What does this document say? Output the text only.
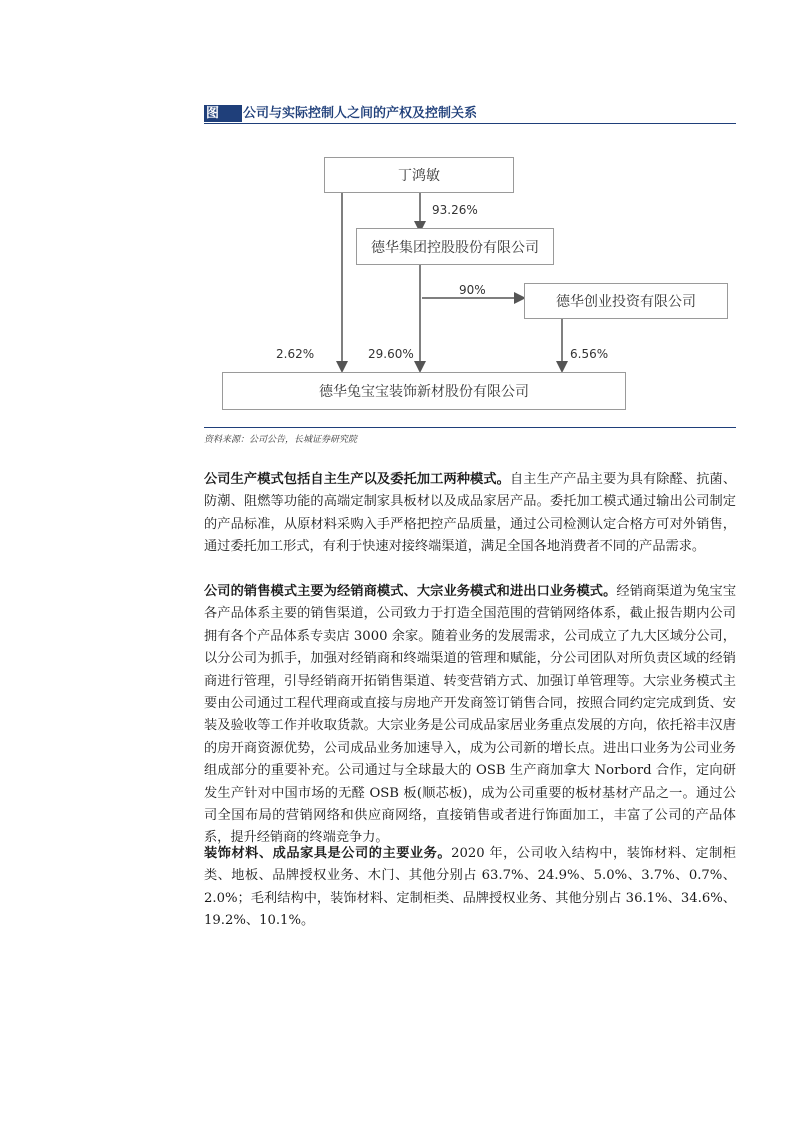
图 1：
公司与实际控制人之间的产权及控制关系
丁鸿敏
德华集团控股股份有限公司
德华创业投资有限公司
德华兔宝宝装饰新材股份有限公司
93.26%
90%
2.62%	29.60%	6.56%
资料来源：公司公告，长城证券研究院

公司生产模式包括自主生产以及委托加工两种模式。自主生产产品主要为具有除醛、抗菌、防潮、阻燃等功能的高端定制家具板材以及成品家居产品。委托加工模式通过输出公司制定的产品标准，从原材料采购入手严格把控产品质量，通过公司检测认定合格方可对外销售，通过委托加工形式，有利于快速对接终端渠道，满足全国各地消费者不同的产品需求。

公司的销售模式主要为经销商模式、大宗业务模式和进出口业务模式。经销商渠道为兔宝宝各产品体系主要的销售渠道，公司致力于打造全国范围的营销网络体系，截止报告期内公司拥有各个产品体系专卖店 3000 余家。随着业务的发展需求，公司成立了九大区域分公司，以分公司为抓手，加强对经销商和终端渠道的管理和赋能，分公司团队对所负责区域的经销商进行管理，引导经销商开拓销售渠道、转变营销方式、加强订单管理等。大宗业务模式主要由公司通过工程代理商或直接与房地产开发商签订销售合同，按照合同约定完成到货、安装及验收等工作并收取货款。大宗业务是公司成品家居业务重点发展的方向，依托裕丰汉唐的房开商资源优势，公司成品业务加速导入，成为公司新的增长点。进出口业务为公司业务组成部分的重要补充。公司通过与全球最大的 OSB 生产商加拿大 Norbord 合作，定向研发生产针对中国市场的无醛 OSB 板(顺芯板)，成为公司重要的板材基材产品之一。通过公司全国布局的营销网络和供应商网络，直接销售或者进行饰面加工，丰富了公司的产品体系，提升经销商的终端竞争力。

装饰材料、成品家具是公司的主要业务。2020 年，公司收入结构中，装饰材料、定制柜类、地板、品牌授权业务、木门、其他分别占 63.7%、24.9%、5.0%、3.7%、0.7%、2.0%；毛利结构中，装饰材料、定制柜类、品牌授权业务、其他分别占 36.1%、34.6%、19.2%、10.1%。
